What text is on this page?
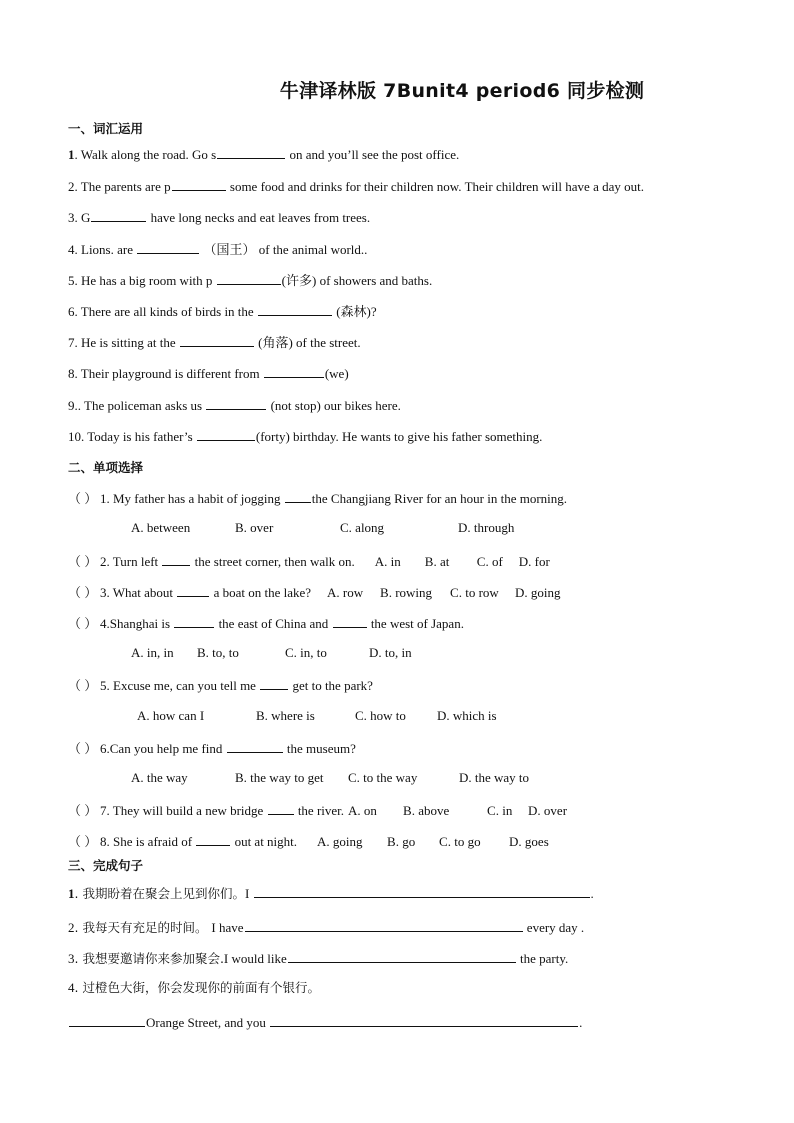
牛津译林版 7Bunit4 period6 同步检测
一、词汇运用
1. Walk along the road. Go s	on and you’ll see the post office.
2. The parents are p	some food and drinks for their children now. Their children will have a day out.
3. G	have long necks and eat leaves from trees.
4. Lions. are	（国王） of the animal world..
5. He has a big room with p	(许多) of showers and baths.
6. There are all kinds of birds in the	(森林)?
7. He is sitting at the	(角落) of the street.
8. Their playground is different from	(we)
9.. The policeman asks us	(not stop) our bikes here.
10. Today is his father’s	(forty) birthday. He wants to give his father something.
二、单项选择
（ ） 1. My father has a habit of jogging the Changjiang River for an hour in the morning.
A. between	B. over	C. along	D. through
（ ） 2. Turn left  the street corner, then walk on. A. in B. at C. of D. for
（ ） 3. What about	a boat on the lake? A. row B. rowing C. to row D. going
（ ） 4.Shanghai is	the east of China and	the west of Japan.
A. in, in B. to, to	C. in, to	D. to, in
（ ） 5. Excuse me, can you tell me  get to the park?
A. how can I	B. where is	C. how to D. which is
（ ） 6.Can you help me find	the museum?
A. the way	B. the way to get C. to the way	D. the way to
（ ） 7. They will build a new bridge  the river. A. on B. above	C. in D. over
（ ） 8. She is afraid of	out at night. A. going B. go C. to go D. goes
三、完成句子
1. 我期盼着在聚会上见到你们。I	.
2. 我每天有充足的时间。 I have	every day .
3. 我想要邀请你来参加聚会.I would like	the party.
4. 过橙色大街，你会发现你的前面有个银行。
Orange Street, and you	.
